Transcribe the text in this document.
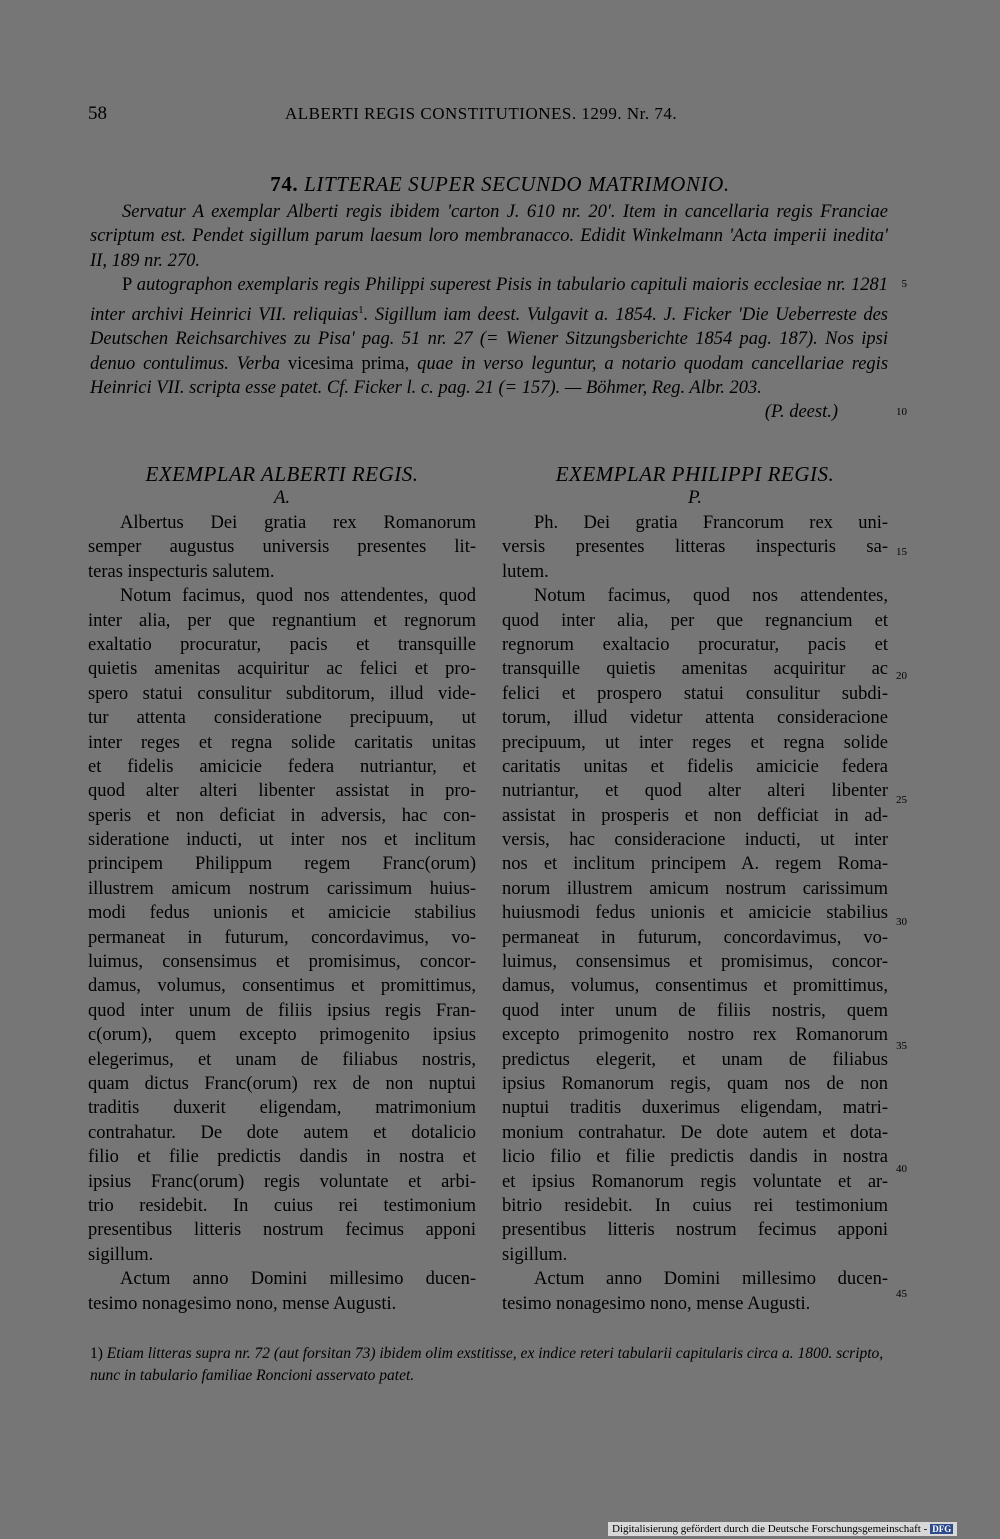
58	ALBERTI REGIS CONSTITUTIONES. 1299. Nr. 74.
74. LITTERAE SUPER SECUNDO MATRIMONIO.

Servatur A exemplar Alberti regis ibidem 'carton J. 610 nr. 20'. Item in cancellaria regis Franciae scriptum est. Pendet sigillum parum laesum loro membranacco. Edidit Winkelmann 'Acta imperii inedita' II, 189 nr. 270.

P autographon exemplaris regis Philippi superest Pisis in tabulario capituli maioris ecclesiae nr. 1281 inter archivi Heinrici VII. reliquias$^1$. Sigillum iam deest. Vulgavit a. 1854. J. Ficker 'Die Ueberreste des Deutschen Reichsarchives zu Pisa' pag. 51 nr. 27 (= Wiener Sitzungsberichte 1854 pag. 187). Nos ipsi denuo contulimus. Verba vicesima prima, quae in verso leguntur, a notario quodam cancellariae regis Heinrici VII. scripta esse patet. Cf. Ficker l. c. pag. 21 (= 157). — Böhmer, Reg. Albr. 203.

(P. deest.)

EXEMPLAR ALBERTI REGIS.
A.
Albertus Dei gratia rex Romanorum
semper augustus universis presentes lit-
teras inspecturis salutem.
Notum facimus, quod nos attendentes, quod
inter alia, per que regnantium et regnorum
exaltatio procuratur, pacis et transquille
quietis amenitas acquiritur ac felici et pro-
spero statui consulitur subditorum, illud vide-
tur attenta consideratione precipuum, ut
inter reges et regna solide caritatis unitas
et fidelis amicicie federa nutriantur, et
quod alter alteri libenter assistat in pro-
speris et non deficiat in adversis, hac con-
sideratione inducti, ut inter nos et inclitum
principem Philippum regem Franc(orum)
illustrem amicum nostrum carissimum huius-
modi fedus unionis et amicicie stabilius
permaneat in futurum, concordavimus, vo-
luimus, consensimus et promisimus, concor-
damus, volumus, consentimus et promittimus,
quod inter unum de filiis ipsius regis Fran-
c(orum), quem excepto primogenito ipsius
elegerimus, et unam de filiabus nostris,
quam dictus Franc(orum) rex de non nuptui
traditis duxerit eligendam, matrimonium
contrahatur. De dote autem et dotalicio
filio et filie predictis dandis in nostra et
ipsius Franc(orum) regis voluntate et arbi-
trio residebit. In cuius rei testimonium
presentibus litteris nostrum fecimus apponi
sigillum.
Actum anno Domini millesimo ducen-
tesimo nonagesimo nono, mense Augusti.
EXEMPLAR PHILIPPI REGIS.
P.
Ph. Dei gratia Francorum rex uni-
versis presentes litteras inspecturis sa-
lutem.
Notum facimus, quod nos attendentes,
quod inter alia, per que regnancium et
regnorum exaltacio procuratur, pacis et
transquille quietis amenitas acquiritur ac
felici et prospero statui consulitur subdi-
torum, illud videtur attenta consideracione
precipuum, ut inter reges et regna solide
caritatis unitas et fidelis amicicie federa
nutriantur, et quod alter alteri libenter
assistat in prosperis et non defficiat in ad-
versis, hac consideracione inducti, ut inter
nos et inclitum principem A. regem Roma-
norum illustrem amicum nostrum carissimum
huiusmodi fedus unionis et amicicie stabilius
permaneat in futurum, concordavimus, vo-
luimus, consensimus et promisimus, concor-
damus, volumus, consentimus et promittimus,
quod inter unum de filiis nostris, quem
excepto primogenito nostro rex Romanorum
predictus elegerit, et unam de filiabus
ipsius Romanorum regis, quam nos de non
nuptui traditis duxerimus eligendam, matri-
monium contrahatur. De dote autem et dota-
licio filio et filie predictis dandis in nostra
et ipsius Romanorum regis voluntate et ar-
bitrio residebit. In cuius rei testimonium
presentibus litteris nostrum fecimus apponi
sigillum.
Actum anno Domini millesimo ducen-
tesimo nonagesimo nono, mense Augusti.
5
10
15
20
25
30
35
40
45
1) Etiam litteras supra nr. 72 (aut forsitan 73) ibidem olim exstitisse, ex indice reteri tabularii capitularis circa a. 1800. scripto, nunc in tabulario familiae Roncioni asservato patet.
Digitalisierung gefördert durch die Deutsche Forschungsgemeinschaft - DFG
